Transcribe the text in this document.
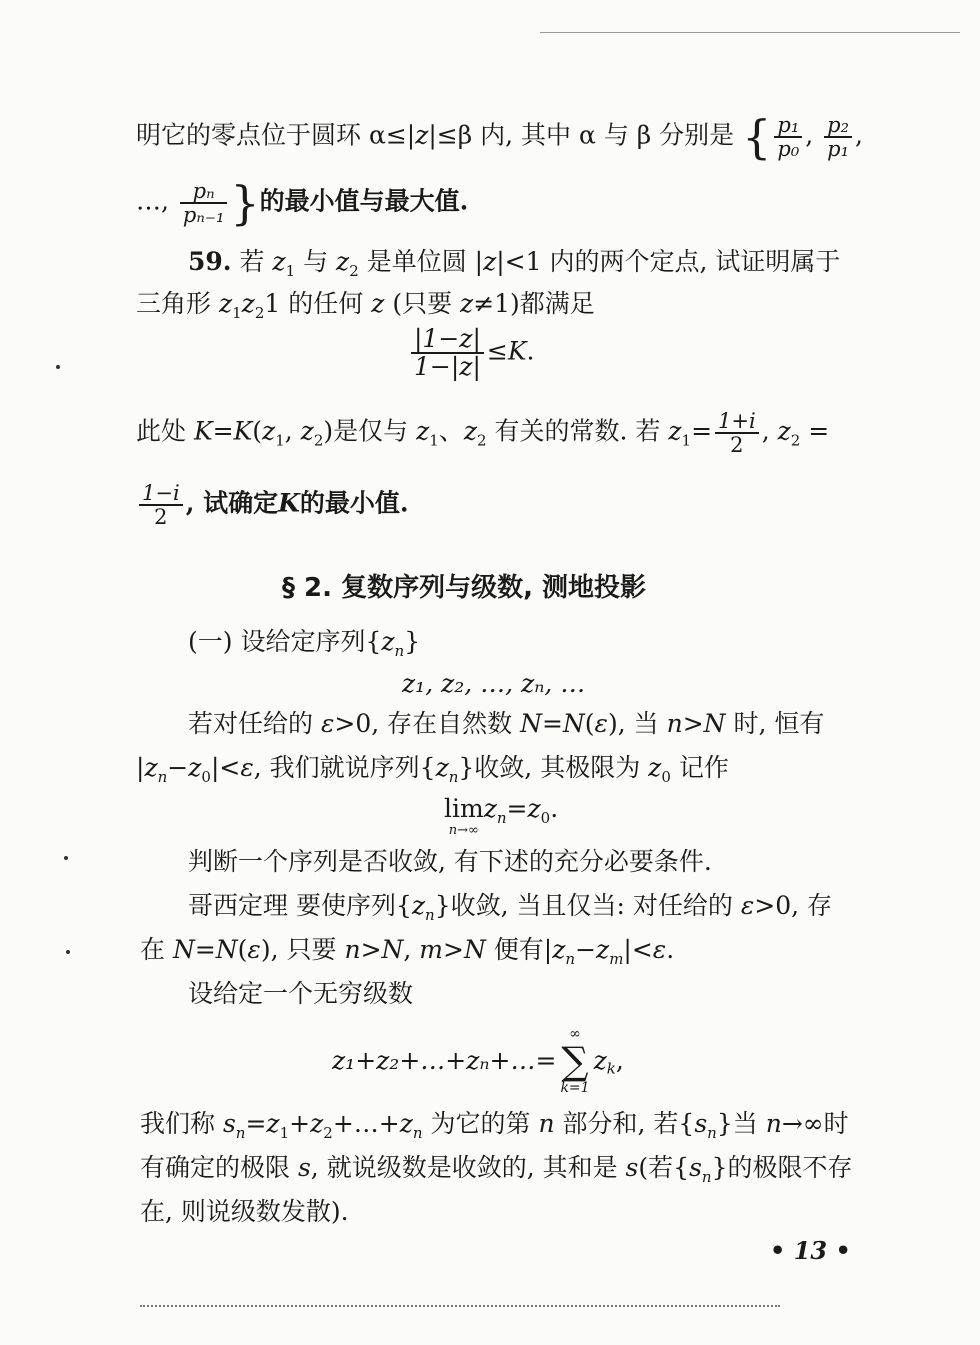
明它的零点位于圆环 α≤|z|≤β 内, 其中 α 与 β 分别是 { $\frac{\text{p₁}}{\text{p₀}}$ , $\frac{\text{p₂}}{\text{p₁}}$ ,
…, $\frac{\text{pₙ}}{\text{pₙ₋₁}}$ }的最小值与最大值.
59. 若 $z_1$ 与 $z_2$ 是单位圆 |z|<1 内的两个定点, 试证明属于
三角形 $z_1z_21$ 的任何 z (只要 z≠1)都满足
$\frac{|1-z|}{1-|z|} \le K$.
此处 $K=K(z_1$, $z_2$)是仅与 $z_1$、$z_2$ 有关的常数. 若 $z_1= \frac{1+i}{2}$ , $z_2$ =
$\frac{1-i}{2}$ , 试确定K的最小值.
§ 2. 复数序列与级数, 测地投影
(一) 设给定序列$\{z_n\}$
z₁, z₂, …, zₙ, …
若对任给的 ε>0, 存在自然数 N=N(ε), 当 n>N 时, 恒有
$|z_n-z_0|<\varepsilon$, 我们就说序列$\{z_n\}$收敛, 其极限为 $z_0$ 记作
lim
n→∞
$z_n=z_0$.
判断一个序列是否收敛, 有下述的充分必要条件.
哥西定理 要使序列$\{z_n\}$收敛, 当且仅当: 对任给的 ε>0, 存
在 N=N(ε), 只要 n>N, m>N 便有$|z_n-z_m|<\varepsilon$.
设给定一个无穷级数
z₁+z₂+…+zₙ+…=
∞
∑
k=1
$z_k$,
我们称 $s_n=z_1+z_2+\dots+z_n$ 为它的第 n 部分和, 若$\{s_n\}$当 n→∞时
有确定的极限 s, 就说级数是收敛的, 其和是 s(若$\{s_n\}$的极限不存
在, 则说级数发散).
• 13 •
